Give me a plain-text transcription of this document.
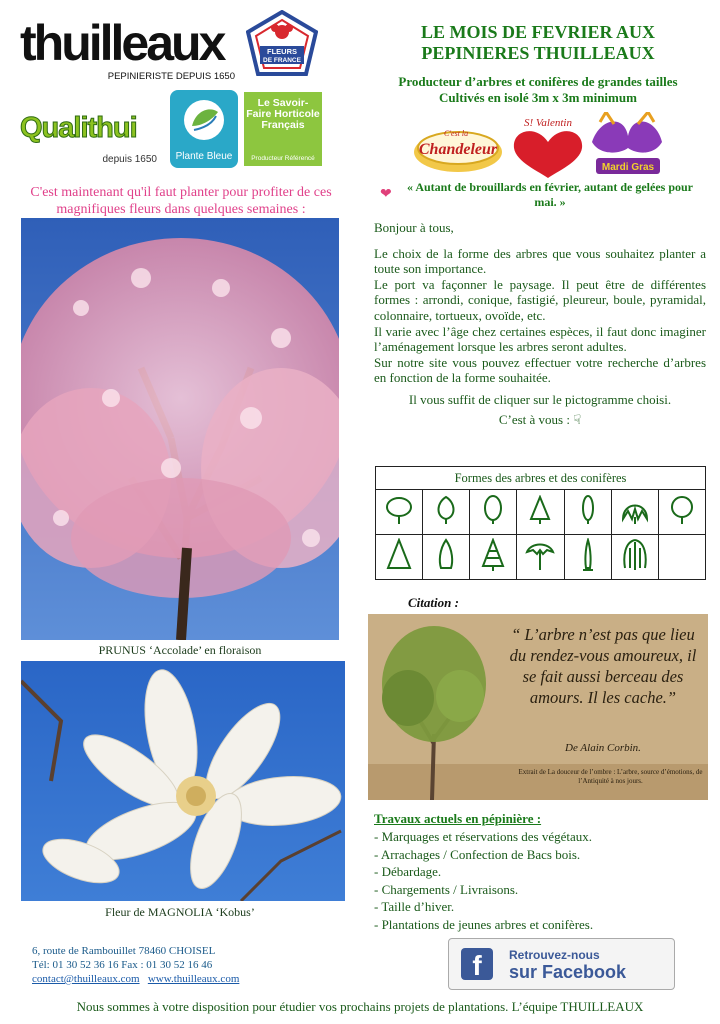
thuilleaux
PEPINIERISTE DEPUIS 1650
FLEURS
DE FRANCE
Qualithui
depuis 1650	Plante Bleue
Le Savoir-Faire Horticole Français
Producteur Référencé
C'est maintenant qu'il faut planter pour profiter de ces magnifiques fleurs dans quelques semaines :
PRUNUS ‘Accolade’ en floraison
Fleur de MAGNOLIA ‘Kobus’
LE MOIS DE FEVRIER AUX PEPINIERES THUILLEAUX
Producteur d’arbres et conifères de grandes tailles
Cultivés en isolé 3m x 3m minimum
C'est la
Chandeleur
S! Valentin
Mardi Gras
❤	« Autant de brouillards en février, autant de gelées pour mai. »

Bonjour à tous,

Le choix de la forme des arbres que vous souhaitez planter a toute son importance.

Le port va façonner le paysage. Il peut être de différentes formes : arrondi, conique, fastigié, pleureur, boule, pyramidal, colonnaire, tortueux, ovoïde, etc.

Il varie avec l’âge chez certaines espèces, il faut donc imaginer l’aménagement lorsque les arbres seront adultes.

Sur notre site vous pouvez effectuer votre recherche d’arbres en fonction de la forme souhaitée.

Il vous suffit de cliquer sur le pictogramme choisi.

C’est à vous : ☟

Formes des arbres et des conifères						

Citation :
“ L’arbre n’est pas que lieu du rendez-vous amoureux, il se fait aussi berceau des amours. Il les cache.”
De Alain Corbin.
Extrait de La douceur de l’ombre : L’arbre, source d’émotions, de l’Antiquité à nos jours.
Travaux actuels en pépinière :
- Marquages et réservations des végétaux.
- Arrachages / Confection de Bacs bois.
- Débardage.
- Chargements / Livraisons.
- Taille d’hiver.
- Plantations de jeunes arbres et conifères.
6, route de Rambouillet 78460 CHOISEL
Tél: 01 30 52 36 16 Fax : 01 30 52 16 46
contact@thuilleaux.com www.thuilleaux.com	f	Retrouvez-nous
sur Facebook
Nous sommes à votre disposition pour étudier vos prochains projets de plantations. L’équipe THUILLEAUX
